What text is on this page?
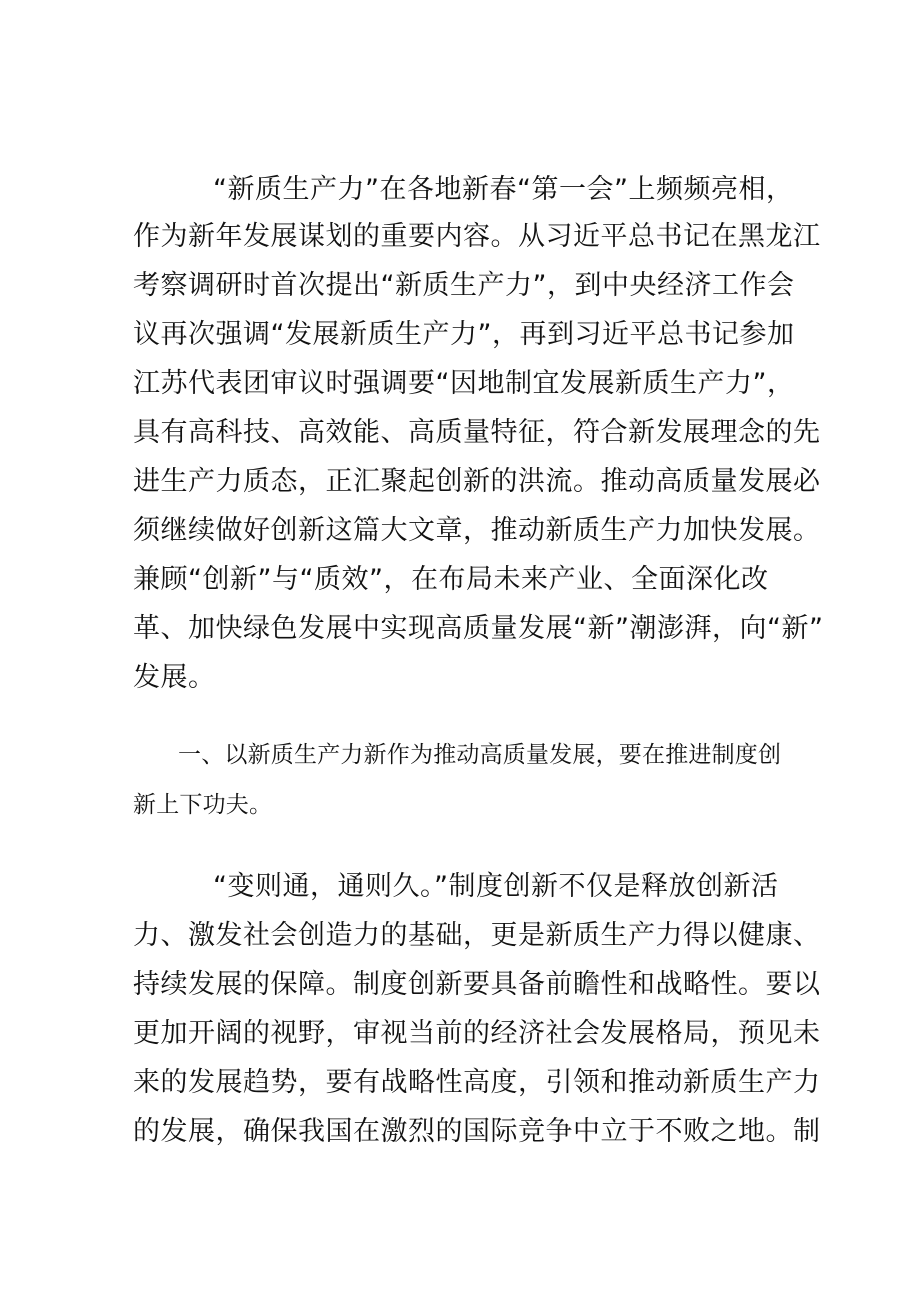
“新质生产力”在各地新春“第一会”上频频亮相，
作为新年发展谋划的重要内容。从习近平总书记在黑龙江
考察调研时首次提出“新质生产力”，到中央经济工作会
议再次强调“发展新质生产力”，再到习近平总书记参加
江苏代表团审议时强调要“因地制宜发展新质生产力”，
具有高科技、高效能、高质量特征，符合新发展理念的先
进生产力质态，正汇聚起创新的洪流。推动高质量发展必
须继续做好创新这篇大文章，推动新质生产力加快发展。
兼顾“创新”与“质效”，在布局未来产业、全面深化改
革、加快绿色发展中实现高质量发展“新”潮澎湃，向“新”
发展。
一、以新质生产力新作为推动高质量发展，要在推进制度创
新上下功夫。
“变则通，通则久。”制度创新不仅是释放创新活
力、激发社会创造力的基础，更是新质生产力得以健康、
持续发展的保障。制度创新要具备前瞻性和战略性。要以
更加开阔的视野，审视当前的经济社会发展格局，预见未
来的发展趋势，要有战略性高度，引领和推动新质生产力
的发展，确保我国在激烈的国际竞争中立于不败之地。制
